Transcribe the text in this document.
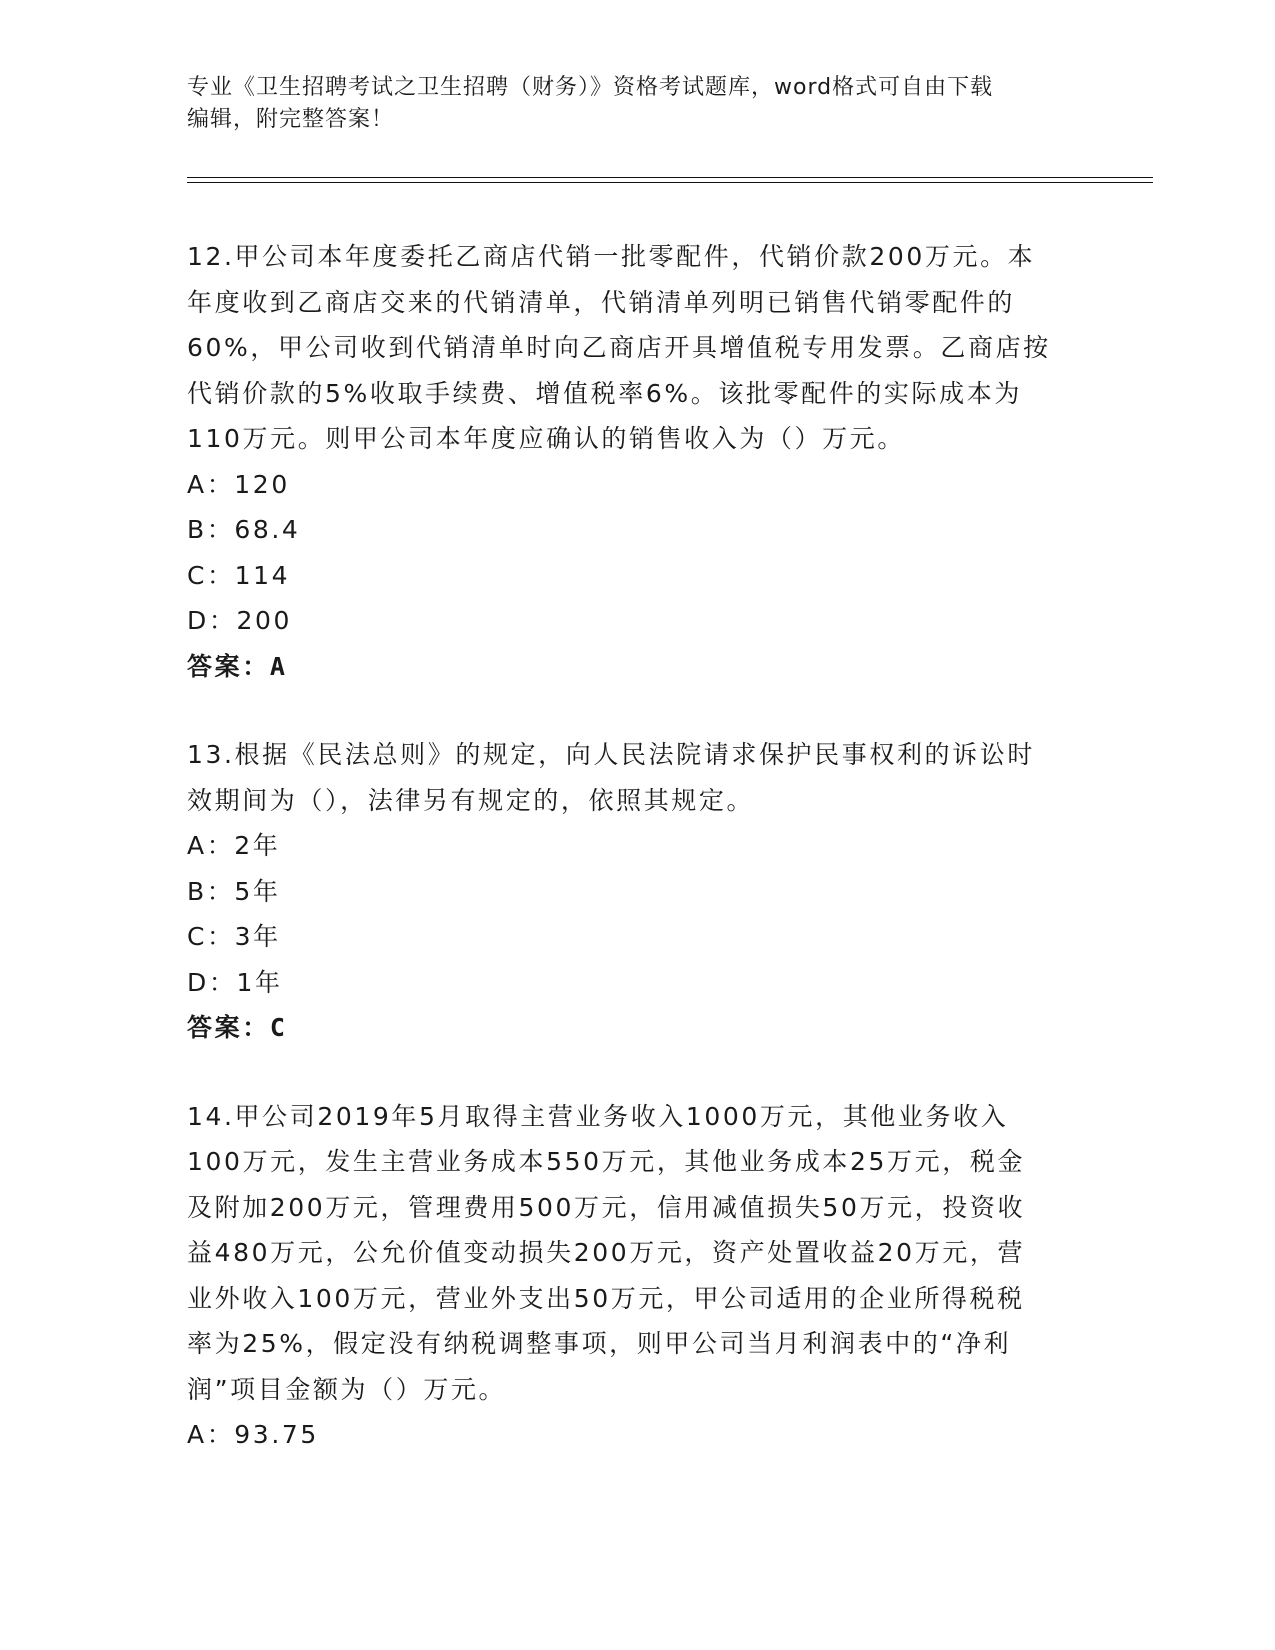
专业《卫生招聘考试之卫生招聘（财务）》资格考试题库，word格式可自由下载
编辑，附完整答案！
12.甲公司本年度委托乙商店代销一批零配件，代销价款200万元。本
年度收到乙商店交来的代销清单，代销清单列明已销售代销零配件的
60%，甲公司收到代销清单时向乙商店开具增值税专用发票。乙商店按
代销价款的5%收取手续费、增值税率6%。该批零配件的实际成本为
110万元。则甲公司本年度应确认的销售收入为（）万元。
A：120
B：68.4
C：114
D：200
答案：A
13.根据《民法总则》的规定，向人民法院请求保护民事权利的诉讼时
效期间为（），法律另有规定的，依照其规定。
A：2年
B：5年
C：3年
D：1年
答案：C
14.甲公司2019年5月取得主营业务收入1000万元，其他业务收入
100万元，发生主营业务成本550万元，其他业务成本25万元，税金
及附加200万元，管理费用500万元，信用减值损失50万元，投资收
益480万元，公允价值变动损失200万元，资产处置收益20万元，营
业外收入100万元，营业外支出50万元，甲公司适用的企业所得税税
率为25%，假定没有纳税调整事项，则甲公司当月利润表中的“净利
润”项目金额为（）万元。
A：93.75
